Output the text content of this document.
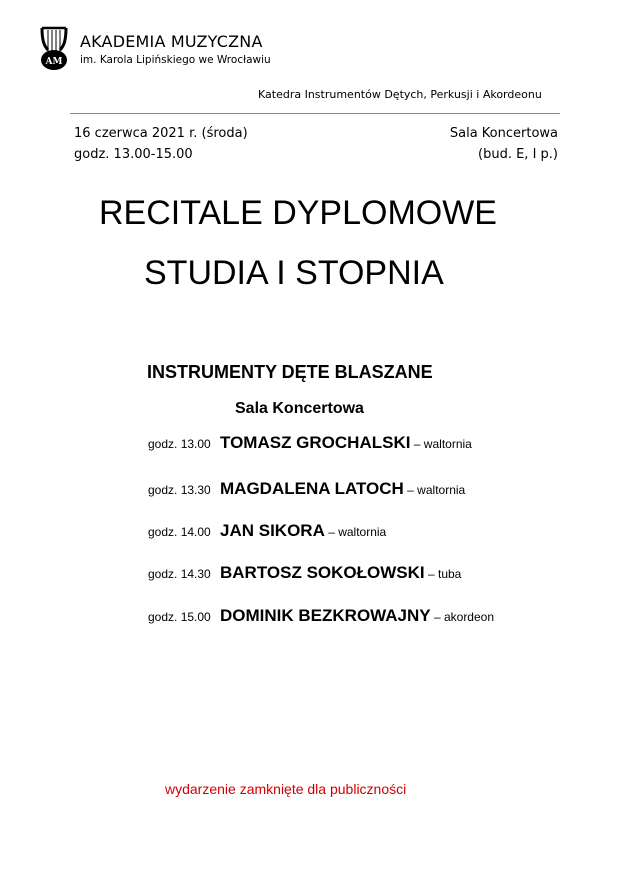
AM
AKADEMIA MUZYCZNA
im. Karola Lipińskiego we Wrocławiu
Katedra Instrumentów Dętych, Perkusji i Akordeonu
16 czerwca 2021 r. (środa)
godz. 13.00-15.00
Sala Koncertowa
(bud. E, I p.)
RECITALE DYPLOMOWE
STUDIA I STOPNIA
INSTRUMENTY DĘTE BLASZANE
Sala Koncertowa
godz. 13.00 TOMASZ GROCHALSKI – waltornia
godz. 13.30 MAGDALENA LATOCH – waltornia
godz. 14.00 JAN SIKORA – waltornia
godz. 14.30 BARTOSZ SOKOŁOWSKI – tuba
godz. 15.00 DOMINIK BEZKROWAJNY – akordeon
wydarzenie zamknięte dla publiczności
